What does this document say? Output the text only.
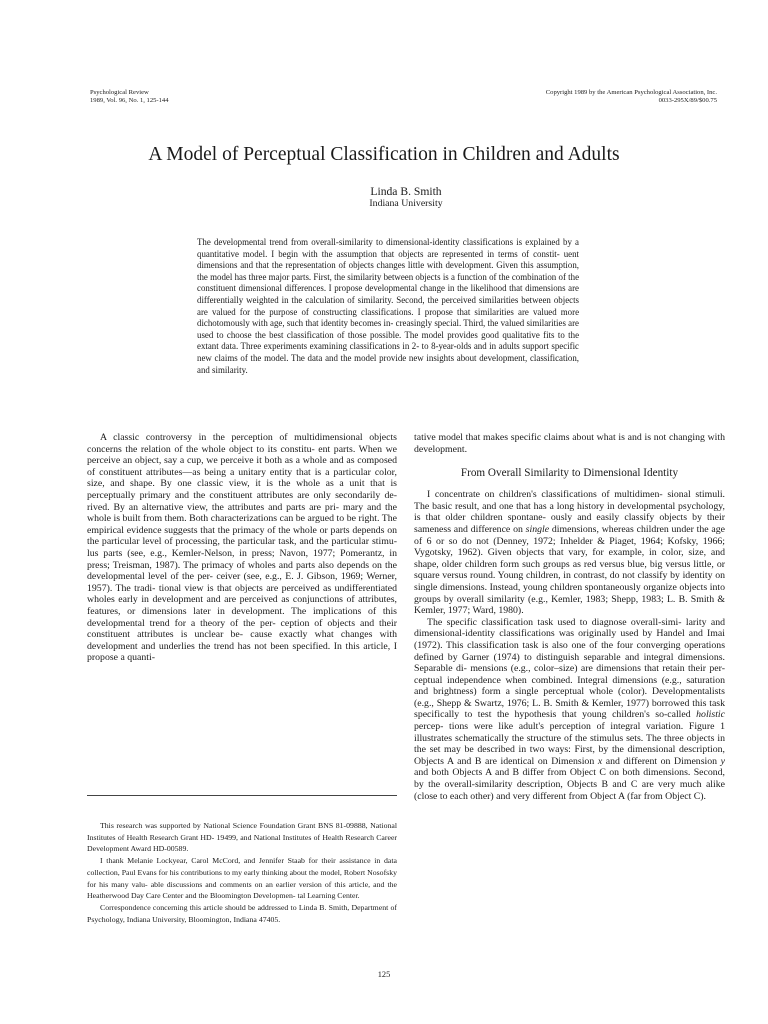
Psychological Review
1989, Vol. 96, No. 1, 125-144
Copyright 1989 by the American Psychological Association, Inc.
0033-295X/89/$00.75
A Model of Perceptual Classification in Children and Adults
Linda B. Smith
Indiana University
The developmental trend from overall-similarity to dimensional-identity classifications is explained by a quantitative model. I begin with the assumption that objects are represented in terms of constit- uent dimensions and that the representation of objects changes little with development. Given this assumption, the model has three major parts. First, the similarity between objects is a function of the combination of the constituent dimensional differences. I propose developmental change in the likelihood that dimensions are differentially weighted in the calculation of similarity. Second, the perceived similarities between objects are valued for the purpose of constructing classifications. I propose that similarities are valued more dichotomously with age, such that identity becomes in- creasingly special. Third, the valued similarities are used to choose the best classification of those possible. The model provides good qualitative fits to the extant data. Three experiments examining classifications in 2- to 8-year-olds and in adults support specific new claims of the model. The data and the model provide new insights about development, classification, and similarity.

A classic controversy in the perception of multidimensional objects concerns the relation of the whole object to its constitu- ent parts. When we perceive an object, say a cup, we perceive it both as a whole and as composed of constituent attributes—as being a unitary entity that is a particular color, size, and shape. By one classic view, it is the whole as a unit that is perceptually primary and the constituent attributes are only secondarily de- rived. By an alternative view, the attributes and parts are pri- mary and the whole is built from them. Both characterizations can be argued to be right. The empirical evidence suggests that the primacy of the whole or parts depends on the particular level of processing, the particular task, and the particular stimu- lus parts (see, e.g., Kemler-Nelson, in press; Navon, 1977; Pomerantz, in press; Treisman, 1987). The primacy of wholes and parts also depends on the developmental level of the per- ceiver (see, e.g., E. J. Gibson, 1969; Werner, 1957). The tradi- tional view is that objects are perceived as undifferentiated wholes early in development and are perceived as conjunctions of attributes, features, or dimensions later in development. The implications of this developmental trend for a theory of the per- ception of objects and their constituent attributes is unclear be- cause exactly what changes with development and underlies the trend has not been specified. In this article, I propose a quanti-

This research was supported by National Science Foundation Grant BNS 81-09888, National Institutes of Health Research Grant HD- 19499, and National Institutes of Health Research Career Development Award HD-00589.

I thank Melanie Lockyear, Carol McCord, and Jennifer Staab for their assistance in data collection, Paul Evans for his contributions to my early thinking about the model, Robert Nosofsky for his many valu- able discussions and comments on an earlier version of this article, and the Heatherwood Day Care Center and the Bloomington Developmen- tal Learning Center.

Correspondence concerning this article should be addressed to Linda B. Smith, Department of Psychology, Indiana University, Bloomington, Indiana 47405.

tative model that makes specific claims about what is and is not changing with development.

From Overall Similarity to Dimensional Identity

I concentrate on children's classifications of multidimen- sional stimuli. The basic result, and one that has a long history in developmental psychology, is that older children spontane- ously and easily classify objects by their sameness and difference on single dimensions, whereas children under the age of 6 or so do not (Denney, 1972; Inhelder & Piaget, 1964; Kofsky, 1966; Vygotsky, 1962). Given objects that vary, for example, in color, size, and shape, older children form such groups as red versus blue, big versus little, or square versus round. Young children, in contrast, do not classify by identity on single dimensions. Instead, young children spontaneously organize objects into groups by overall similarity (e.g., Kemler, 1983; Shepp, 1983; L. B. Smith & Kemler, 1977; Ward, 1980).

The specific classification task used to diagnose overall-simi- larity and dimensional-identity classifications was originally used by Handel and Imai (1972). This classification task is also one of the four converging operations defined by Garner (1974) to distinguish separable and integral dimensions. Separable di- mensions (e.g., color–size) are dimensions that retain their per- ceptual independence when combined. Integral dimensions (e.g., saturation and brightness) form a single perceptual whole (color). Developmentalists (e.g., Shepp & Swartz, 1976; L. B. Smith & Kemler, 1977) borrowed this task specifically to test the hypothesis that young children's so-called holistic percep- tions were like adult's perception of integral variation. Figure 1 illustrates schematically the structure of the stimulus sets. The three objects in the set may be described in two ways: First, by the dimensional description, Objects A and B are identical on Dimension x and different on Dimension y and both Objects A and B differ from Object C on both dimensions. Second, by the overall-similarity description, Objects B and C are very much alike (close to each other) and very different from Object A (far from Object C).

125
